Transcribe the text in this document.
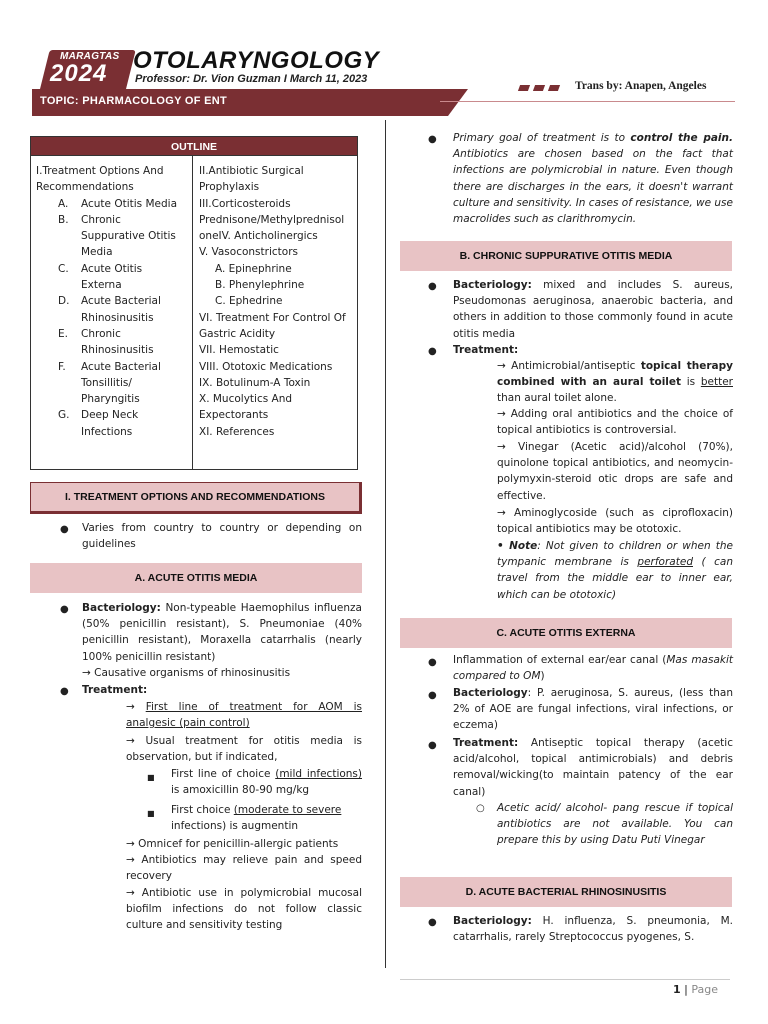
MARAGTAS
2024 OTOLARYNGOLOGY
Professor: Dr. Vion Guzman I March 11, 2023
TOPIC: PHARMACOLOGY OF ENT
Trans by: Anapen, Angeles
OUTLINE
I.Treatment Options And
Recommendations
A.	Acute Otitis Media
B.	Chronic
Suppurative Otitis
Media
C.	Acute Otitis
Externa
D.	Acute Bacterial
Rhinosinusitis
E.	Chronic
Rhinosinusitis
F.	Acute Bacterial
Tonsillitis/
Pharyngitis
G.	Deep Neck
Infections
II.Antibiotic Surgical
Prophylaxis
III.Corticosteroids
Prednisone/Methylprednisol
oneIV. Anticholinergics
V. Vasoconstrictors
A. Epinephrine
B. Phenylephrine
C. Ephedrine
VI. Treatment For Control Of
Gastric Acidity
VII. Hemostatic
VIII. Ototoxic Medications
IX. Botulinum-A Toxin
X. Mucolytics And
Expectorants
XI. References
I. TREATMENT OPTIONS AND RECOMMENDATIONS
● Varies from country to country or depending on guidelines
A. ACUTE OTITIS MEDIA
● Bacteriology: Non-typeable Haemophilus influenza (50% penicillin resistant), S. Pneumoniae (40% penicillin resistant), Moraxella catarrhalis (nearly 100% penicillin resistant)
→ Causative organisms of rhinosinusitis
● Treatment:
→ First line of treatment for AOM is analgesic (pain control)
→ Usual treatment for otitis media is observation, but if indicated,
■ First line of choice (mild infections) is amoxicillin 80-90 mg/kg
■ First choice (moderate to severe
infections) is augmentin
→ Omnicef for penicillin-allergic patients
→ Antibiotics may relieve pain and speed recovery
→ Antibiotic use in polymicrobial mucosal biofilm infections do not follow classic culture and sensitivity testing
● Primary goal of treatment is to control the pain. Antibiotics are chosen based on the fact that infections are polymicrobial in nature. Even though there are discharges in the ears, it doesn't warrant culture and sensitivity. In cases of resistance, we use macrolides such as clarithromycin.
B. CHRONIC SUPPURATIVE OTITIS MEDIA
● Bacteriology: mixed and includes S. aureus, Pseudomonas aeruginosa, anaerobic bacteria, and others in addition to those commonly found in acute otitis media
● Treatment:
→ Antimicrobial/antiseptic topical therapy combined with an aural toilet is better than aural toilet alone.
→ Adding oral antibiotics and the choice of topical antibiotics is controversial.
→ Vinegar (Acetic acid)/alcohol (70%), quinolone topical antibiotics, and neomycin-polymyxin-steroid otic drops are safe and effective.
→ Aminoglycoside (such as ciprofloxacin) topical antibiotics may be ototoxic.
• Note: Not given to children or when the tympanic membrane is perforated ( can travel from the middle ear to inner ear, which can be ototoxic)
C. ACUTE OTITIS EXTERNA
● Inflammation of external ear/ear canal (Mas masakit compared to OM)
● Bacteriology: P. aeruginosa, S. aureus, (less than 2% of AOE are fungal infections, viral infections, or eczema)
● Treatment: Antiseptic topical therapy (acetic acid/alcohol, topical antimicrobials) and debris removal/wicking(to maintain patency of the ear canal)
○ Acetic acid/ alcohol- pang rescue if topical antibiotics are not available. You can prepare this by using Datu Puti Vinegar
D. ACUTE BACTERIAL RHINOSINUSITIS
● Bacteriology: H. influenza, S. pneumonia, M. catarrhalis, rarely Streptococcus pyogenes, S.
1 | Page
